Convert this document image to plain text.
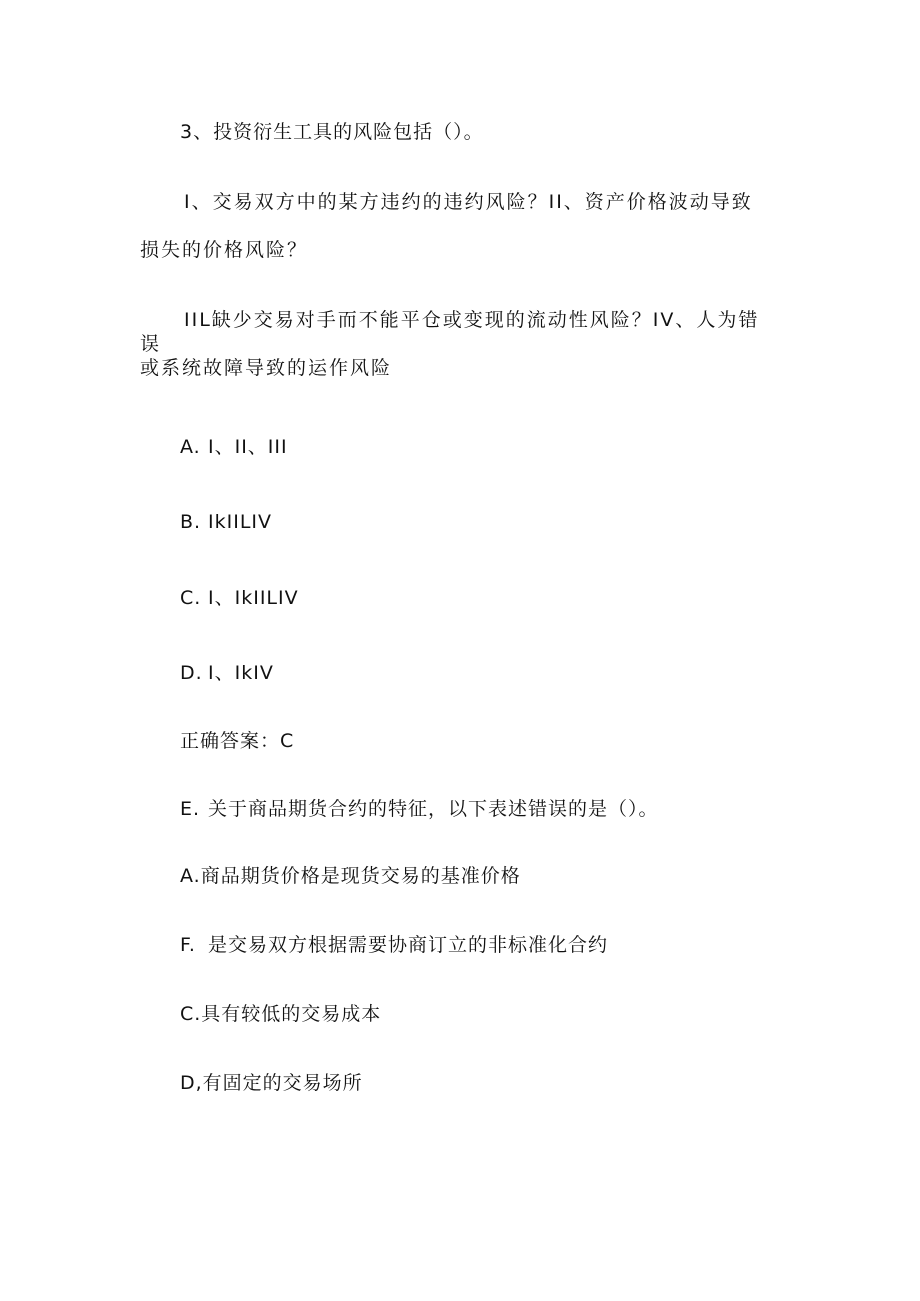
3、投资衍生工具的风险包括（）。
I、交易双方中的某方违约的违约风险？II、资产价格波动导致
损失的价格风险？
IIL缺少交易对手而不能平仓或变现的流动性风险？IV、人为错误
或系统故障导致的运作风险
A. I、II、III
B. IkIILIV
C. I、IkIILIV
D. I、IkIV
正确答案：C
E. 关于商品期货合约的特征，以下表述错误的是（）。
A.商品期货价格是现货交易的基准价格
F. 是交易双方根据需要协商订立的非标准化合约
C.具有较低的交易成本
D,有固定的交易场所
